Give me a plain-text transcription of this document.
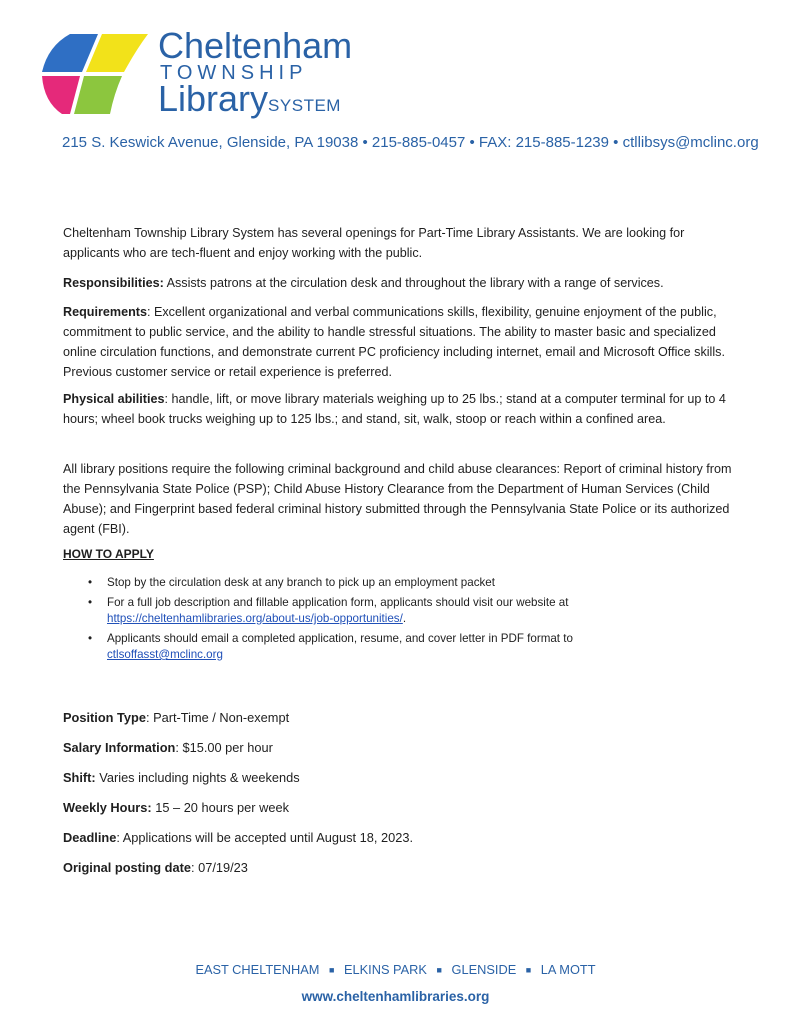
Cheltenham
TOWNSHIP
LibrarySYSTEM
215 S. Keswick Avenue, Glenside, PA 19038 • 215-885-0457 • FAX: 215-885-1239 • ctllibsys@mclinc.org
Cheltenham Township Library System has several openings for Part-Time Library Assistants. We are looking for applicants who are tech-fluent and enjoy working with the public.
Responsibilities: Assists patrons at the circulation desk and throughout the library with a range of services.
Requirements: Excellent organizational and verbal communications skills, flexibility, genuine enjoyment of the public, commitment to public service, and the ability to handle stressful situations. The ability to master basic and specialized online circulation functions, and demonstrate current PC proficiency including internet, email and Microsoft Office skills. Previous customer service or retail experience is preferred.
Physical abilities: handle, lift, or move library materials weighing up to 25 lbs.; stand at a computer terminal for up to 4 hours; wheel book trucks weighing up to 125 lbs.; and stand, sit, walk, stoop or reach within a confined area.
All library positions require the following criminal background and child abuse clearances: Report of criminal history from the Pennsylvania State Police (PSP); Child Abuse History Clearance from the Department of Human Services (Child Abuse); and Fingerprint based federal criminal history submitted through the Pennsylvania State Police or its authorized agent (FBI).
HOW TO APPLY
• Stop by the circulation desk at any branch to pick up an employment packet
• For a full job description and fillable application form, applicants should visit our website at
https://cheltenhamlibraries.org/about-us/job-opportunities/.
• Applicants should email a completed application, resume, and cover letter in PDF format to
ctlsoffasst@mclinc.org
Position Type: Part-Time / Non-exempt
Salary Information: $15.00 per hour
Shift: Varies including nights & weekends
Weekly Hours: 15 – 20 hours per week
Deadline: Applications will be accepted until August 18, 2023.
Original posting date: 07/19/23
EAST CHELTENHAM ■ ELKINS PARK ■ GLENSIDE ■ LA MOTT
www.cheltenhamlibraries.org
